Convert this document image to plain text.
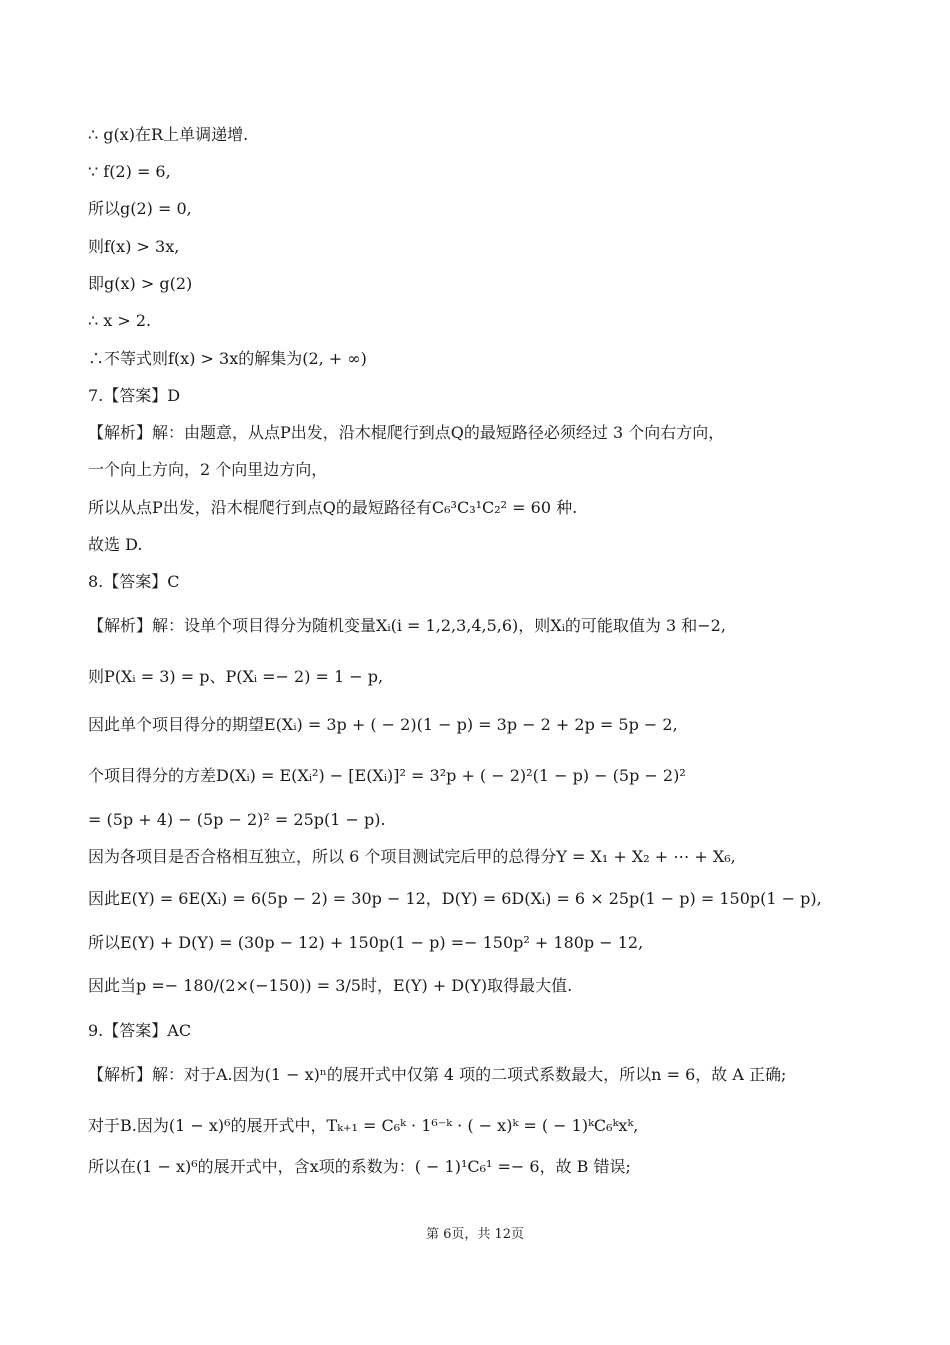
∴ g(x)在R上单调递增.
∵ f(2) = 6,
所以g(2) = 0,
则f(x) > 3x,
即g(x) > g(2)
∴ x > 2.
∴不等式则f(x) > 3x的解集为(2, + ∞)
7.【答案】D
【解析】解：由题意，从点P出发，沿木棍爬行到点Q的最短路径必须经过 3 个向右方向，
一个向上方向，2 个向里边方向，
所以从点P出发，沿木棍爬行到点Q的最短路径有C₆³C₃¹C₂² = 60 种.
故选 D.
8.【答案】C
【解析】解：设单个项目得分为随机变量Xᵢ(i = 1,2,3,4,5,6)，则Xᵢ的可能取值为 3 和−2,
则P(Xᵢ = 3) = p、P(Xᵢ =− 2) = 1 − p,
因此单个项目得分的期望E(Xᵢ) = 3p + ( − 2)(1 − p) = 3p − 2 + 2p = 5p − 2,
个项目得分的方差D(Xᵢ) = E(Xᵢ²) − [E(Xᵢ)]² = 3²p + ( − 2)²(1 − p) − (5p − 2)²
= (5p + 4) − (5p − 2)² = 25p(1 − p).
因为各项目是否合格相互独立，所以 6 个项目测试完后甲的总得分Y = X₁ + X₂ + ⋯ + X₆,
因此E(Y) = 6E(Xᵢ) = 6(5p − 2) = 30p − 12，D(Y) = 6D(Xᵢ) = 6 × 25p(1 − p) = 150p(1 − p),
所以E(Y) + D(Y) = (30p − 12) + 150p(1 − p) =− 150p² + 180p − 12,
因此当p =− 180/(2×(−150)) = 3/5时，E(Y) + D(Y)取得最大值.
9.【答案】AC
【解析】解：对于A.因为(1 − x)ⁿ的展开式中仅第 4 项的二项式系数最大，所以n = 6，故 A 正确;
对于B.因为(1 − x)⁶的展开式中，Tₖ₊₁ = C₆ᵏ · 1⁶⁻ᵏ · ( − x)ᵏ = ( − 1)ᵏC₆ᵏxᵏ,
所以在(1 − x)⁶的展开式中，含x项的系数为：( − 1)¹C₆¹ =− 6，故 B 错误;
第 6页，共 12页
